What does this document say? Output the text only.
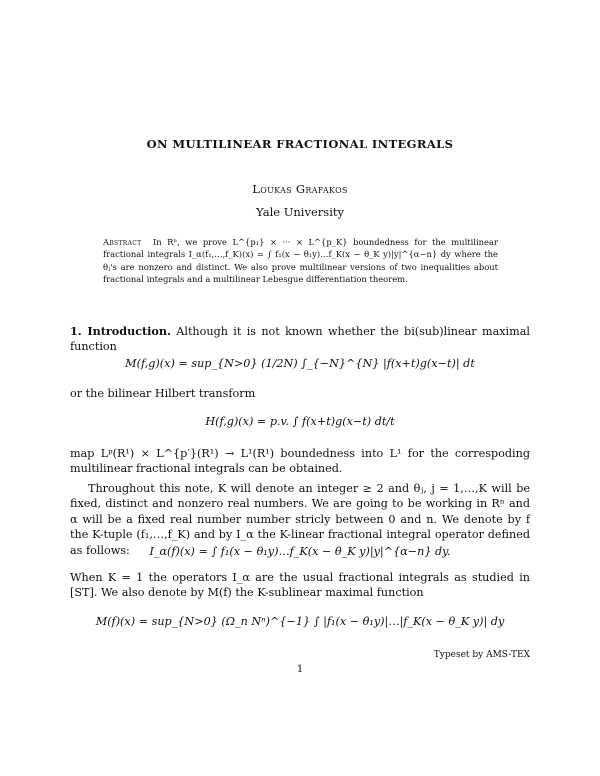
ON MULTILINEAR FRACTIONAL INTEGRALS
Loukas Grafakos
Yale University
Abstract In Rⁿ, we prove L^{p₁} × ··· × L^{p_K} boundedness for the multilinear fractional integrals I_α(f₁,…,f_K)(x) = ∫ f₁(x − θ₁y)…f_K(x − θ_K y)|y|^{α−n} dy where the θⱼ's are nonzero and distinct. We also prove multilinear versions of two inequalities about fractional integrals and a multilinear Lebesgue differentiation theorem.

1. Introduction. Although it is not known whether the bi(sub)linear maximal function

M(f,g)(x) = sup_{N>0} (1/2N) ∫_{−N}^{N} |f(x+t)g(x−t)| dt

or the bilinear Hilbert transform

H(f,g)(x) = p.v. ∫ f(x+t)g(x−t) dt/t

map Lᵖ(R¹) × L^{p′}(R¹) → L¹(R¹) boundedness into L¹ for the correspoding multilinear fractional integrals can be obtained.

Throughout this note, K will denote an integer ≥ 2 and θⱼ, j = 1,…,K will be fixed, distinct and nonzero real numbers. We are going to be working in Rⁿ and α will be a fixed real number number stricly between 0 and n. We denote by f the K-tuple (f₁,…,f_K) and by I_α the K-linear fractional integral operator defined as follows:	I_α(f)(x) = ∫ f₁(x − θ₁y)…f_K(x − θ_K y)|y|^{α−n} dy.

When K = 1 the operators I_α are the usual fractional integrals as studied in [ST]. We also denote by M(f) the K-sublinear maximal function

M(f)(x) = sup_{N>0} (Ω_n Nⁿ)^{−1} ∫ |f₁(x − θ₁y)|…|f_K(x − θ_K y)| dy
Typeset by AMS-TEX
1
